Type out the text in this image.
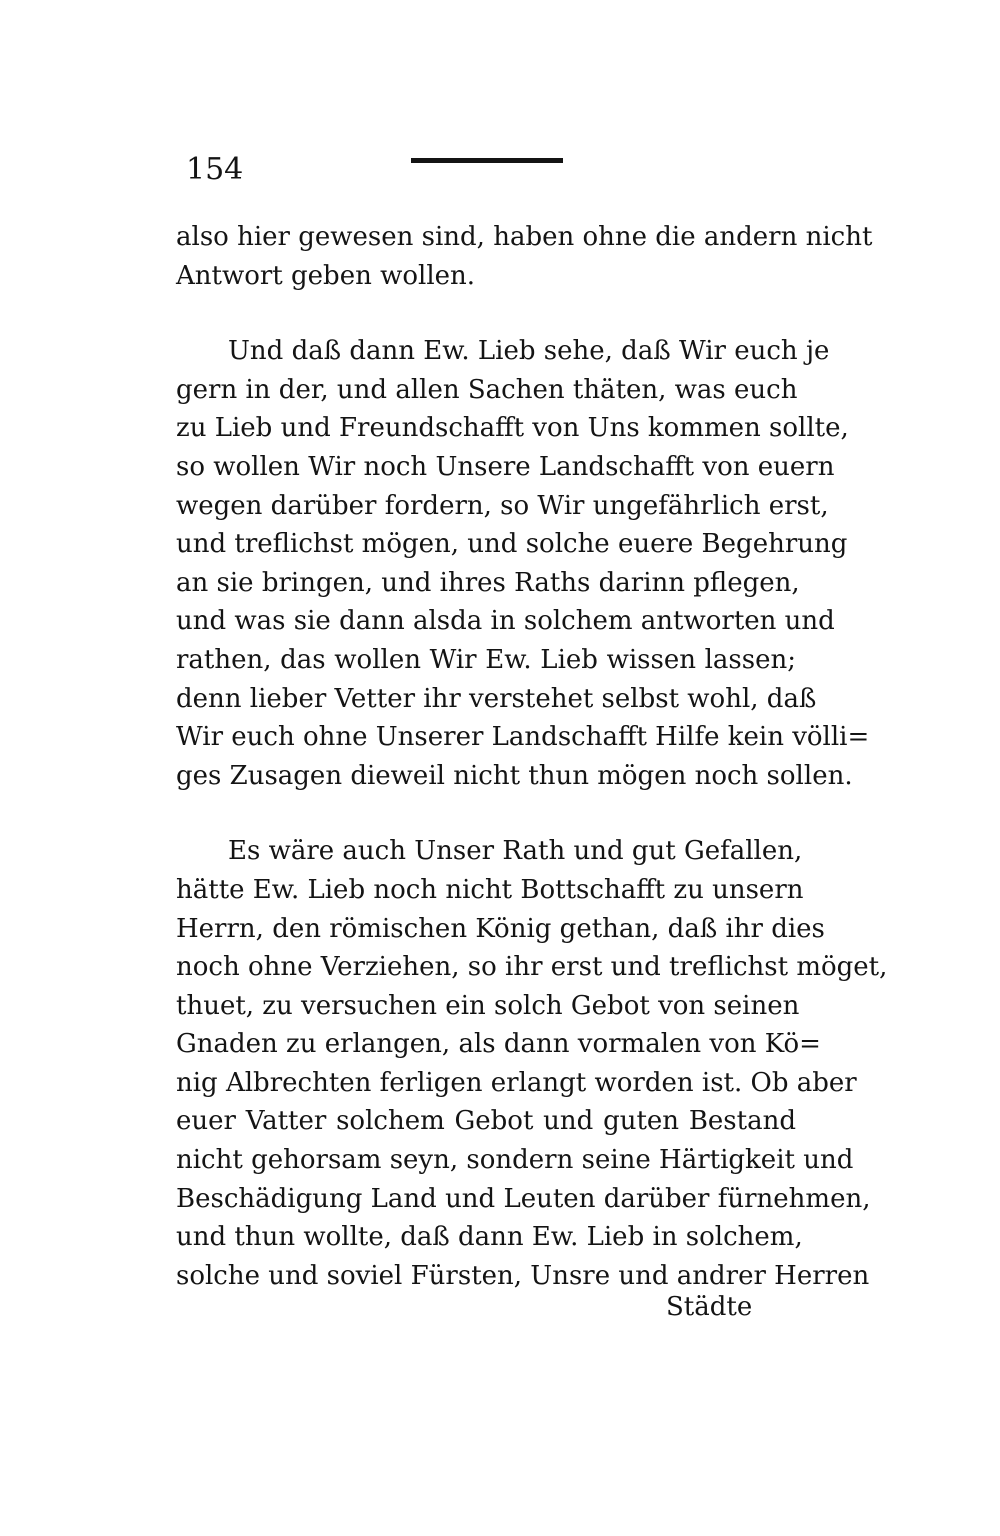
154
also hier gewesen sind, haben ohne die andern nicht
Antwort geben wollen.
Und daß dann Ew. Lieb sehe, daß Wir euch je
gern in der, und allen Sachen thäten, was euch
zu Lieb und Freundschafft von Uns kommen sollte,
so wollen Wir noch Unsere Landschafft von euern
wegen darüber fordern, so Wir ungefährlich erst,
und treflichst mögen, und solche euere Begehrung
an sie bringen, und ihres Raths darinn pflegen,
und was sie dann alsda in solchem antworten und
rathen, das wollen Wir Ew. Lieb wissen lassen;
denn lieber Vetter ihr verstehet selbst wohl, daß
Wir euch ohne Unserer Landschafft Hilfe kein völli=
ges Zusagen dieweil nicht thun mögen noch sollen.
Es wäre auch Unser Rath und gut Gefallen,
hätte Ew. Lieb noch nicht Bottschafft zu unsern
Herrn, den römischen König gethan, daß ihr dies
noch ohne Verziehen, so ihr erst und treflichst möget,
thuet, zu versuchen ein solch Gebot von seinen
Gnaden zu erlangen, als dann vormalen von Kö=
nig Albrechten ferligen erlangt worden ist. Ob aber
euer Vatter solchem Gebot und guten Bestand
nicht gehorsam seyn, sondern seine Härtigkeit und
Beschädigung Land und Leuten darüber fürnehmen,
und thun wollte, daß dann Ew. Lieb in solchem,
solche und soviel Fürsten, Unsre und andrer Herren
Städte
